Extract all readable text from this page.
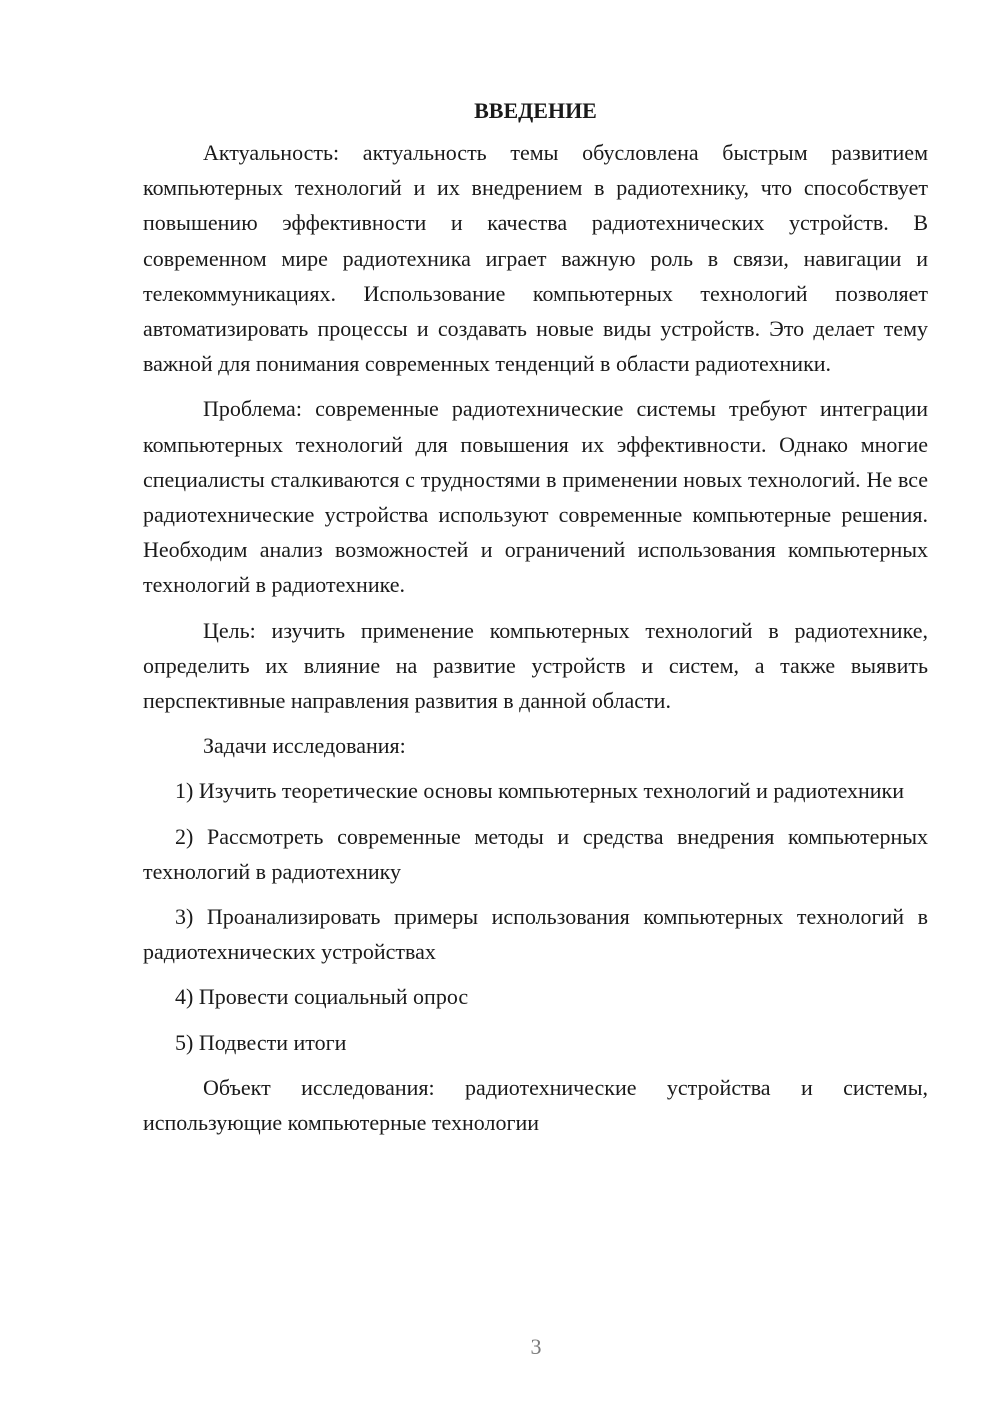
ВВЕДЕНИЕ

Актуальность: актуальность темы обусловлена быстрым развитием компьютерных технологий и их внедрением в радиотехнику, что способствует повышению эффективности и качества радиотехнических устройств. В современном мире радиотехника играет важную роль в связи, навигации и телекоммуникациях. Использование компьютерных технологий позволяет автоматизировать процессы и создавать новые виды устройств. Это делает тему важной для понимания современных тенденций в области радиотехники.

Проблема: современные радиотехнические системы требуют интеграции компьютерных технологий для повышения их эффективности. Однако многие специалисты сталкиваются с трудностями в применении новых технологий. Не все радиотехнические устройства используют современные компьютерные решения. Необходим анализ возможностей и ограничений использования компьютерных технологий в радиотехнике.

Цель: изучить применение компьютерных технологий в радиотехнике, определить их влияние на развитие устройств и систем, а также выявить перспективные направления развития в данной области.

Задачи исследования:

1) Изучить теоретические основы компьютерных технологий и радиотехники

2) Рассмотреть современные методы и средства внедрения компьютерных технологий в радиотехнику

3) Проанализировать примеры использования компьютерных технологий в радиотехнических устройствах

4) Провести социальный опрос

5) Подвести итоги

Объект исследования: радиотехнические устройства и системы, использующие компьютерные технологии

3
